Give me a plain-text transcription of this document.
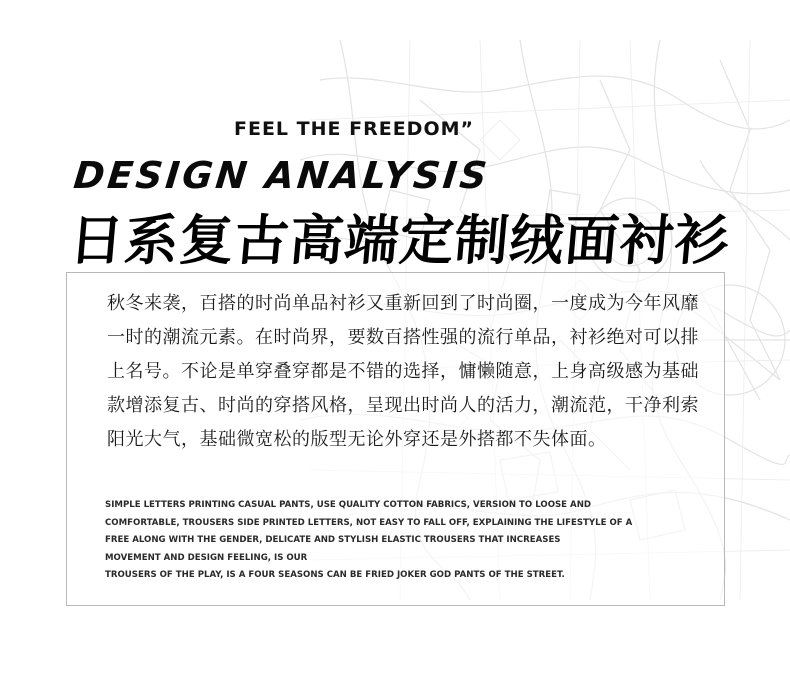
FEEL THE FREEDOM”
DESIGN ANALYSIS
日系复古高端定制绒面衬衫

秋冬来袭，百搭的时尚单品衬衫又重新回到了时尚圈，一度成为今年风靡一时的潮流元素。在时尚界，要数百搭性强的流行单品，衬衫绝对可以排上名号。不论是单穿叠穿都是不错的选择，慵懒随意，上身高级感为基础款增添复古、时尚的穿搭风格，呈现出时尚人的活力，潮流范，干净利索阳光大气，基础微宽松的版型无论外穿还是外搭都不失体面。

SIMPLE LETTERS PRINTING CASUAL PANTS, USE QUALITY COTTON FABRICS, VERSION TO LOOSE AND
COMFORTABLE, TROUSERS SIDE PRINTED LETTERS, NOT EASY TO FALL OFF, EXPLAINING THE LIFESTYLE OF A
FREE ALONG WITH THE GENDER, DELICATE AND STYLISH ELASTIC TROUSERS THAT INCREASES
MOVEMENT AND DESIGN FEELING, IS OUR
TROUSERS OF THE PLAY, IS A FOUR SEASONS CAN BE FRIED JOKER GOD PANTS OF THE STREET.
